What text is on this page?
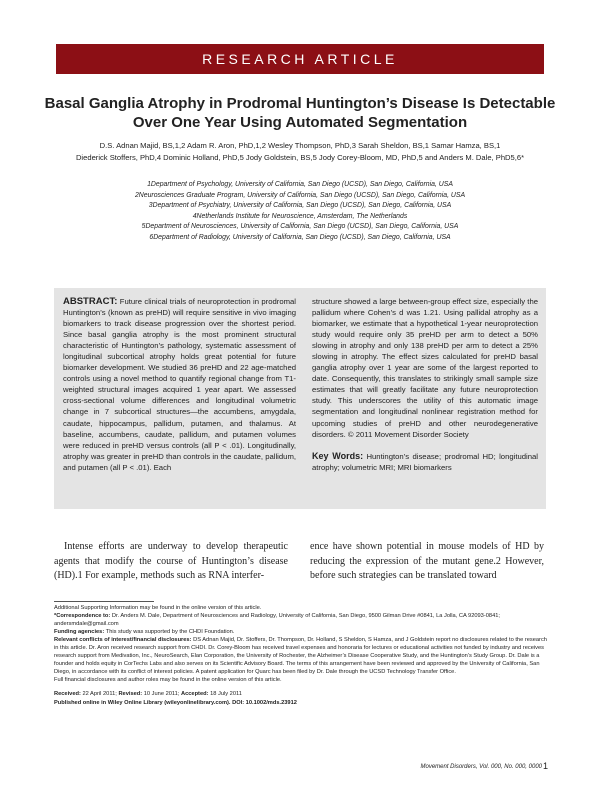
RESEARCH ARTICLE
Basal Ganglia Atrophy in Prodromal Huntington’s Disease Is Detectable Over One Year Using Automated Segmentation
D.S. Adnan Majid, BS,1,2 Adam R. Aron, PhD,1,2 Wesley Thompson, PhD,3 Sarah Sheldon, BS,1 Samar Hamza, BS,1
Diederick Stoffers, PhD,4 Dominic Holland, PhD,5 Jody Goldstein, BS,5 Jody Corey-Bloom, MD, PhD,5 and Anders M. Dale, PhD5,6*
1Department of Psychology, University of California, San Diego (UCSD), San Diego, California, USA
2Neurosciences Graduate Program, University of California, San Diego (UCSD), San Diego, California, USA
3Department of Psychiatry, University of California, San Diego (UCSD), San Diego, California, USA
4Netherlands Institute for Neuroscience, Amsterdam, The Netherlands
5Department of Neurosciences, University of California, San Diego (UCSD), San Diego, California, USA
6Department of Radiology, University of California, San Diego (UCSD), San Diego, California, USA
ABSTRACT: Future clinical trials of neuroprotection in prodromal Huntington’s (known as preHD) will require sensitive in vivo imaging biomarkers to track disease progression over the shortest period. Since basal ganglia atrophy is the most prominent structural characteristic of Huntington’s pathology, systematic assessment of longitudinal subcortical atrophy holds great potential for future biomarker development. We studied 36 preHD and 22 age-matched controls using a novel method to quantify regional change from T1-weighted structural images acquired 1 year apart. We assessed cross-sectional volume differences and longitudinal volumetric change in 7 subcortical structures—the accumbens, amygdala, caudate, hippocampus, pallidum, putamen, and thalamus. At baseline, accumbens, caudate, pallidum, and putamen volumes were reduced in preHD versus controls (all P < .01). Longitudinally, atrophy was greater in preHD than controls in the caudate, pallidum, and putamen (all P < .01). Each
structure showed a large between-group effect size, especially the pallidum where Cohen’s d was 1.21. Using pallidal atrophy as a biomarker, we estimate that a hypothetical 1-year neuroprotection study would require only 35 preHD per arm to detect a 50% slowing in atrophy and only 138 preHD per arm to detect a 25% slowing in atrophy. The effect sizes calculated for preHD basal ganglia atrophy over 1 year are some of the largest reported to date. Consequently, this translates to strikingly small sample size estimates that will greatly facilitate any future neuroprotection study. This underscores the utility of this automatic image segmentation and longitudinal nonlinear registration method for upcoming studies of preHD and other neurodegenerative disorders. © 2011 Movement Disorder Society
Key Words: Huntington’s disease; prodromal HD; longitudinal atrophy; volumetric MRI; MRI biomarkers
Intense efforts are underway to develop therapeutic agents that modify the course of Huntington’s disease (HD).1 For example, methods such as RNA interfer-
ence have shown potential in mouse models of HD by reducing the expression of the mutant gene.2 However, before such strategies can be translated toward
Additional Supporting Information may be found in the online version of this article.
*Correspondence to: Dr. Anders M. Dale, Department of Neurosciences and Radiology, University of California, San Diego, 9500 Gilman Drive #0841, La Jolla, CA 92093-0841; andersmdale@gmail.com
Funding agencies: This study was supported by the CHDI Foundation.
Relevant conflicts of interest/financial disclosures: DS Adnan Majid, Dr. Stoffers, Dr. Thompson, Dr. Holland, S Sheldon, S Hamza, and J Goldstein report no disclosures related to the research in this article. Dr. Aron received research support from CHDI. Dr. Corey-Bloom has received travel expenses and honoraria for lectures or educational activities not funded by industry and receives research support from Medivation, Inc., NeuroSearch, Elan Corporation, the University of Rochester, the Alzheimer’s Disease Cooperative Study, and the Huntington’s Study Group. Dr. Dale is a founder and holds equity in CorTechs Labs and also serves on its Scientific Advisory Board. The terms of this arrangement have been reviewed and approved by the University of California, San Diego, in accordance with its conflict of interest policies. A patent application for Quarc has been filed by Dr. Dale through the UCSD Technology Transfer Office.
Full financial disclosures and author roles may be found in the online version of this article.
Received: 22 April 2011; Revised: 10 June 2011; Accepted: 18 July 2011
Published online in Wiley Online Library (wileyonlinelibrary.com). DOI: 10.1002/mds.23912
Movement Disorders, Vol. 000, No. 000, 0000 1
